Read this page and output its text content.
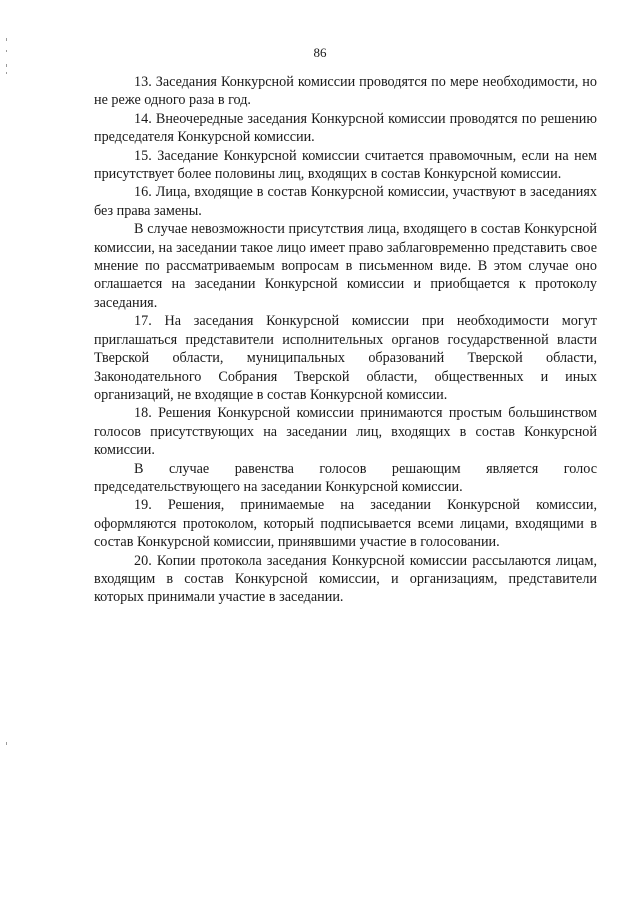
86

13. Заседания Конкурсной комиссии проводятся по мере необходимости, но не реже одного раза в год.

14. Внеочередные заседания Конкурсной комиссии проводятся по решению председателя Конкурсной комиссии.

15. Заседание Конкурсной комиссии считается правомочным, если на нем присутствует более половины лиц, входящих в состав Конкурсной комиссии.

16. Лица, входящие в состав Конкурсной комиссии, участвуют в заседаниях без права замены.

В случае невозможности присутствия лица, входящего в состав Конкурсной комиссии, на заседании такое лицо имеет право заблаговременно представить свое мнение по рассматриваемым вопросам в письменном виде. В этом случае оно оглашается на заседании Конкурсной комиссии и приобщается к протоколу заседания.

17. На заседания Конкурсной комиссии при необходимости могут приглашаться представители исполнительных органов государственной власти Тверской области, муниципальных образований Тверской области, Законодательного Собрания Тверской области, общественных и иных организаций, не входящие в состав Конкурсной комиссии.

18. Решения Конкурсной комиссии принимаются простым большинством голосов присутствующих на заседании лиц, входящих в состав Конкурсной комиссии.

В случае равенства голосов решающим является голос председательствующего на заседании Конкурсной комиссии.

19. Решения, принимаемые на заседании Конкурсной комиссии, оформляются протоколом, который подписывается всеми лицами, входящими в состав Конкурсной комиссии, принявшими участие в голосовании.

20. Копии протокола заседания Конкурсной комиссии рассылаются лицам, входящим в состав Конкурсной комиссии, и организациям, представители которых принимали участие в заседании.
